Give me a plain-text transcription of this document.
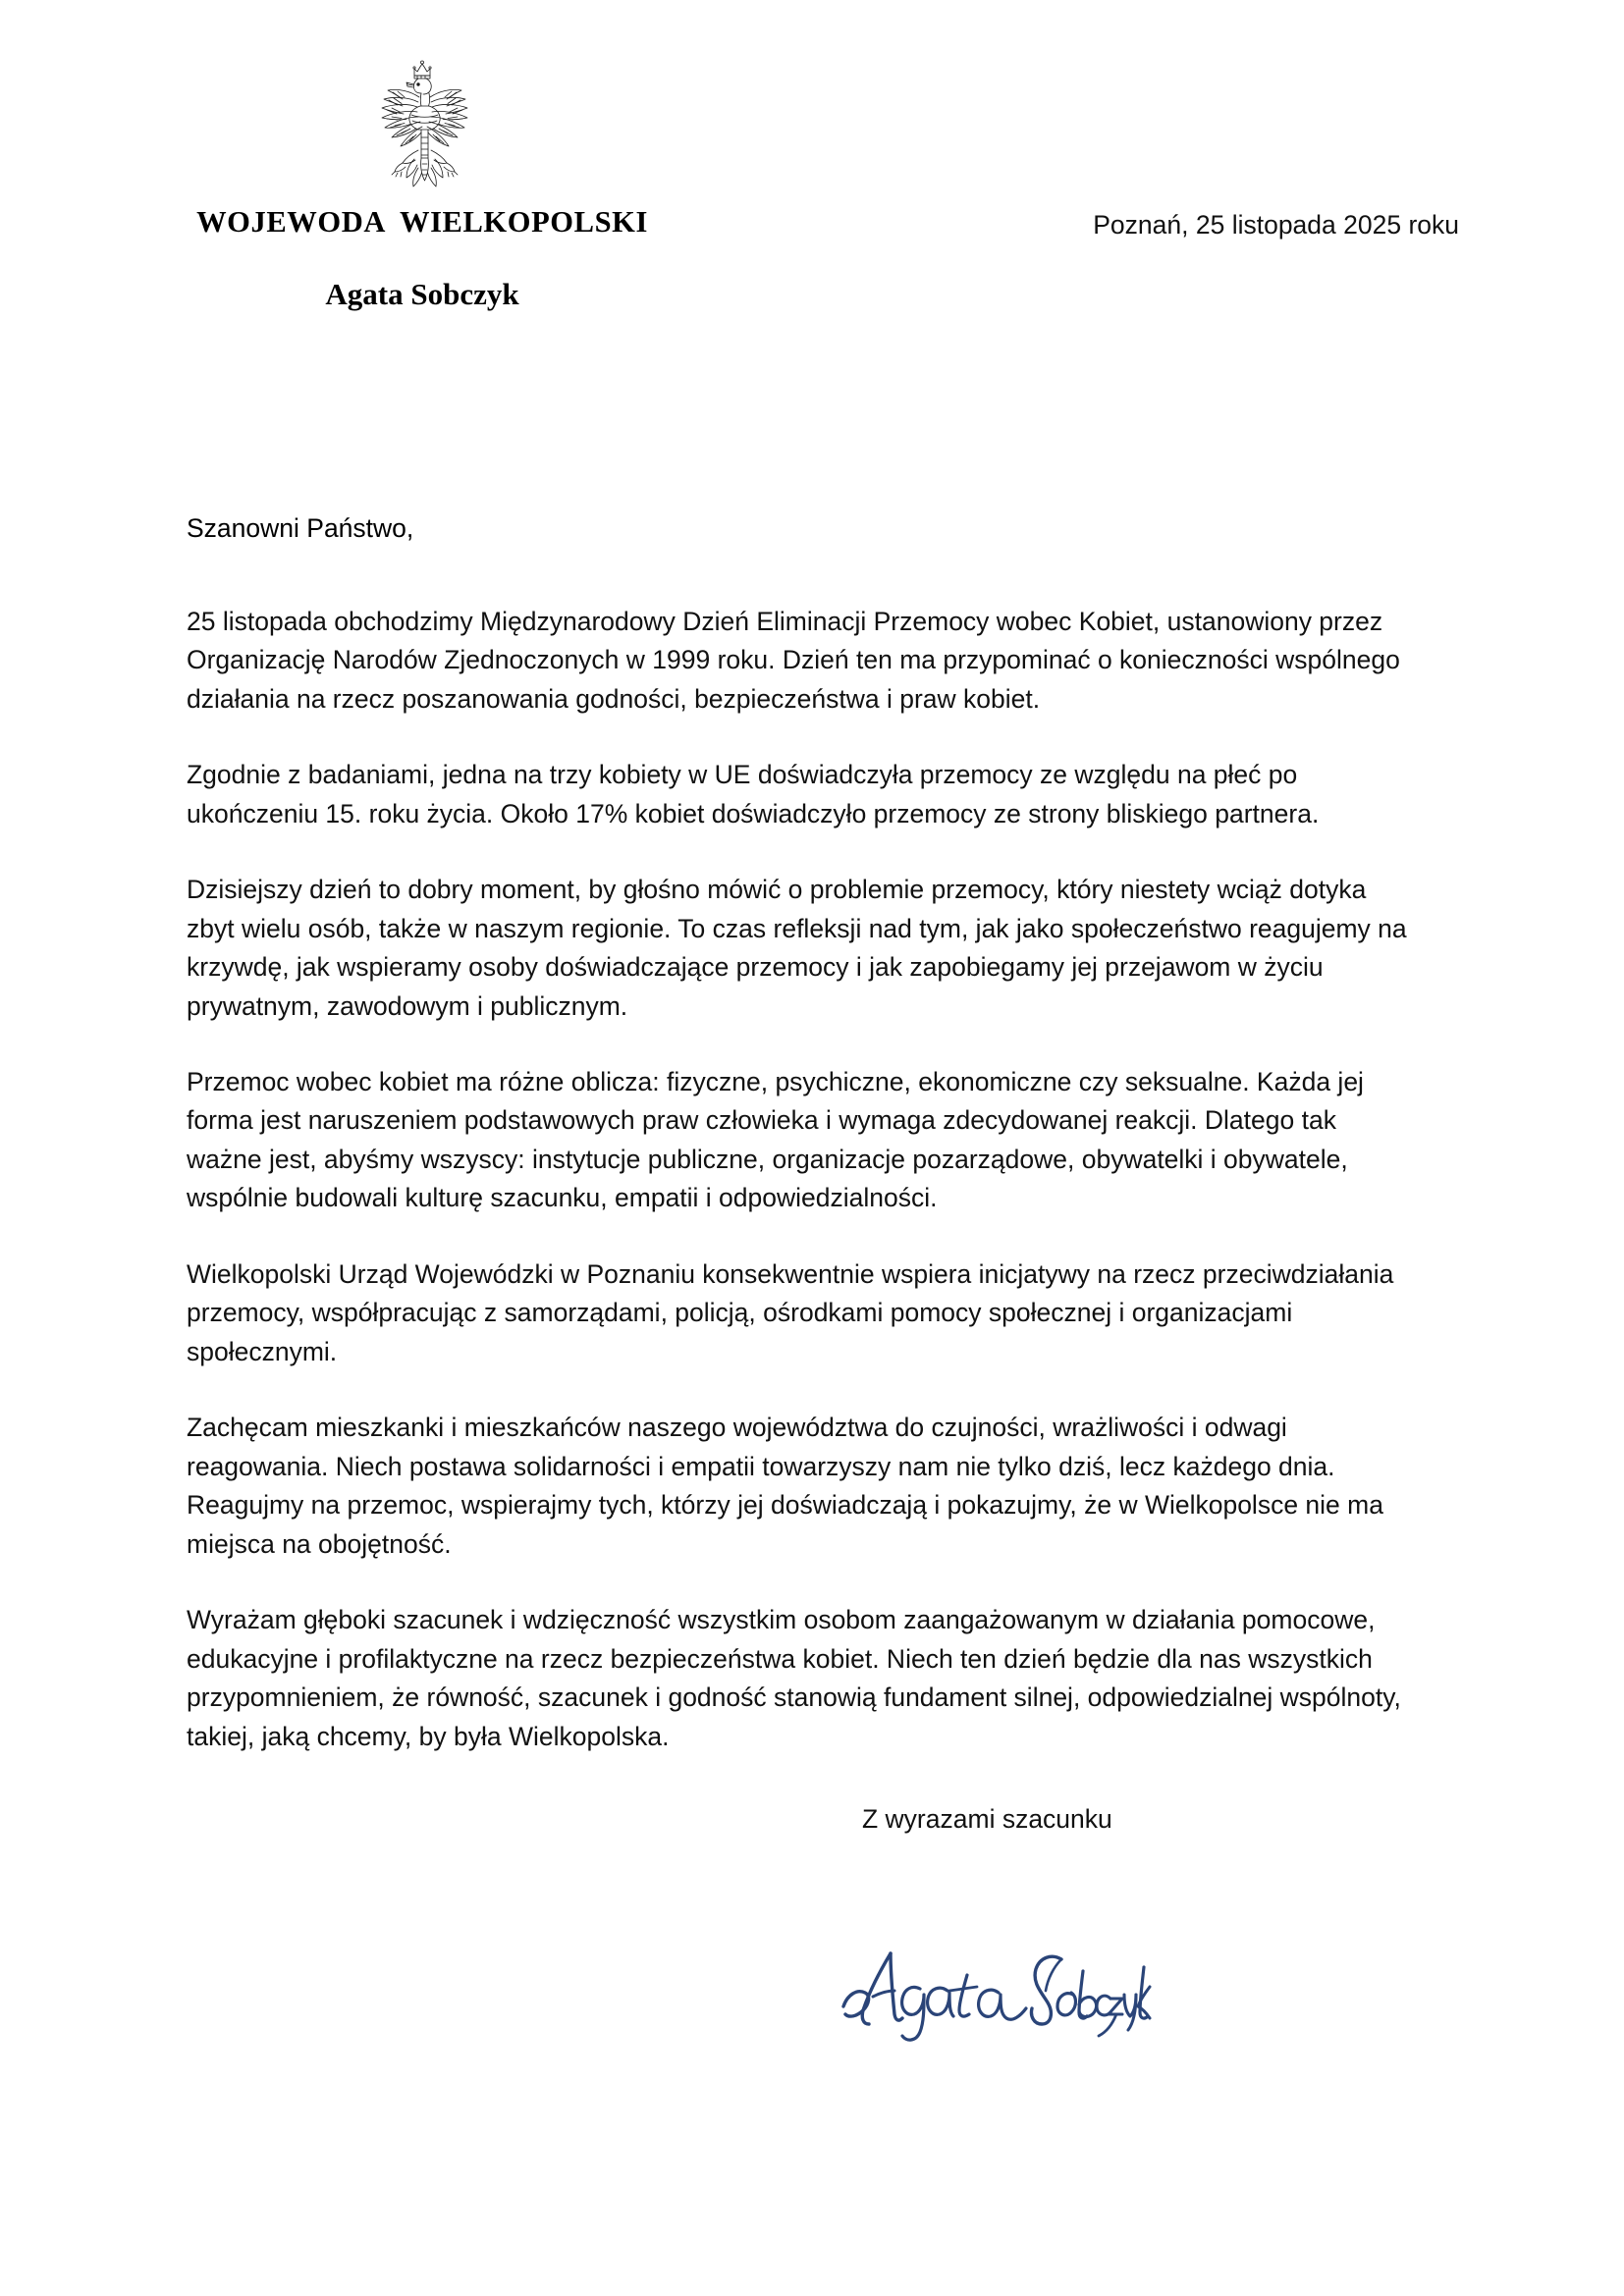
WOJEWODA WIELKOPOLSKI
Agata Sobczyk
Poznań, 25 listopada 2025 roku

Szanowni Państwo,

25 listopada obchodzimy Międzynarodowy Dzień Eliminacji Przemocy wobec Kobiet, ustanowiony przez Organizację Narodów Zjednoczonych w 1999 roku. Dzień ten ma przypominać o konieczności wspólnego działania na rzecz poszanowania godności, bezpieczeństwa i praw kobiet.

Zgodnie z badaniami, jedna na trzy kobiety w UE doświadczyła przemocy ze względu na płeć po ukończeniu 15. roku życia. Około 17% kobiet doświadczyło przemocy ze strony bliskiego partnera.

Dzisiejszy dzień to dobry moment, by głośno mówić o problemie przemocy, który niestety wciąż dotyka zbyt wielu osób, także w naszym regionie. To czas refleksji nad tym, jak jako społeczeństwo reagujemy na krzywdę, jak wspieramy osoby doświadczające przemocy i jak zapobiegamy jej przejawom w życiu prywatnym, zawodowym i publicznym.

Przemoc wobec kobiet ma różne oblicza: fizyczne, psychiczne, ekonomiczne czy seksualne. Każda jej forma jest naruszeniem podstawowych praw człowieka i wymaga zdecydowanej reakcji. Dlatego tak ważne jest, abyśmy wszyscy: instytucje publiczne, organizacje pozarządowe, obywatelki i obywatele, wspólnie budowali kulturę szacunku, empatii i odpowiedzialności.

Wielkopolski Urząd Wojewódzki w Poznaniu konsekwentnie wspiera inicjatywy na rzecz przeciwdziałania przemocy, współpracując z samorządami, policją, ośrodkami pomocy społecznej i organizacjami społecznymi.

Zachęcam mieszkanki i mieszkańców naszego województwa do czujności, wrażliwości i odwagi reagowania. Niech postawa solidarności i empatii towarzyszy nam nie tylko dziś, lecz każdego dnia. Reagujmy na przemoc, wspierajmy tych, którzy jej doświadczają i pokazujmy, że w Wielkopolsce nie ma miejsca na obojętność.

Wyrażam głęboki szacunek i wdzięczność wszystkim osobom zaangażowanym w działania pomocowe, edukacyjne i profilaktyczne na rzecz bezpieczeństwa kobiet. Niech ten dzień będzie dla nas wszystkich przypomnieniem, że równość, szacunek i godność stanowią fundament silnej, odpowiedzialnej wspólnoty, takiej, jaką chcemy, by była Wielkopolska.

Z wyrazami szacunku
